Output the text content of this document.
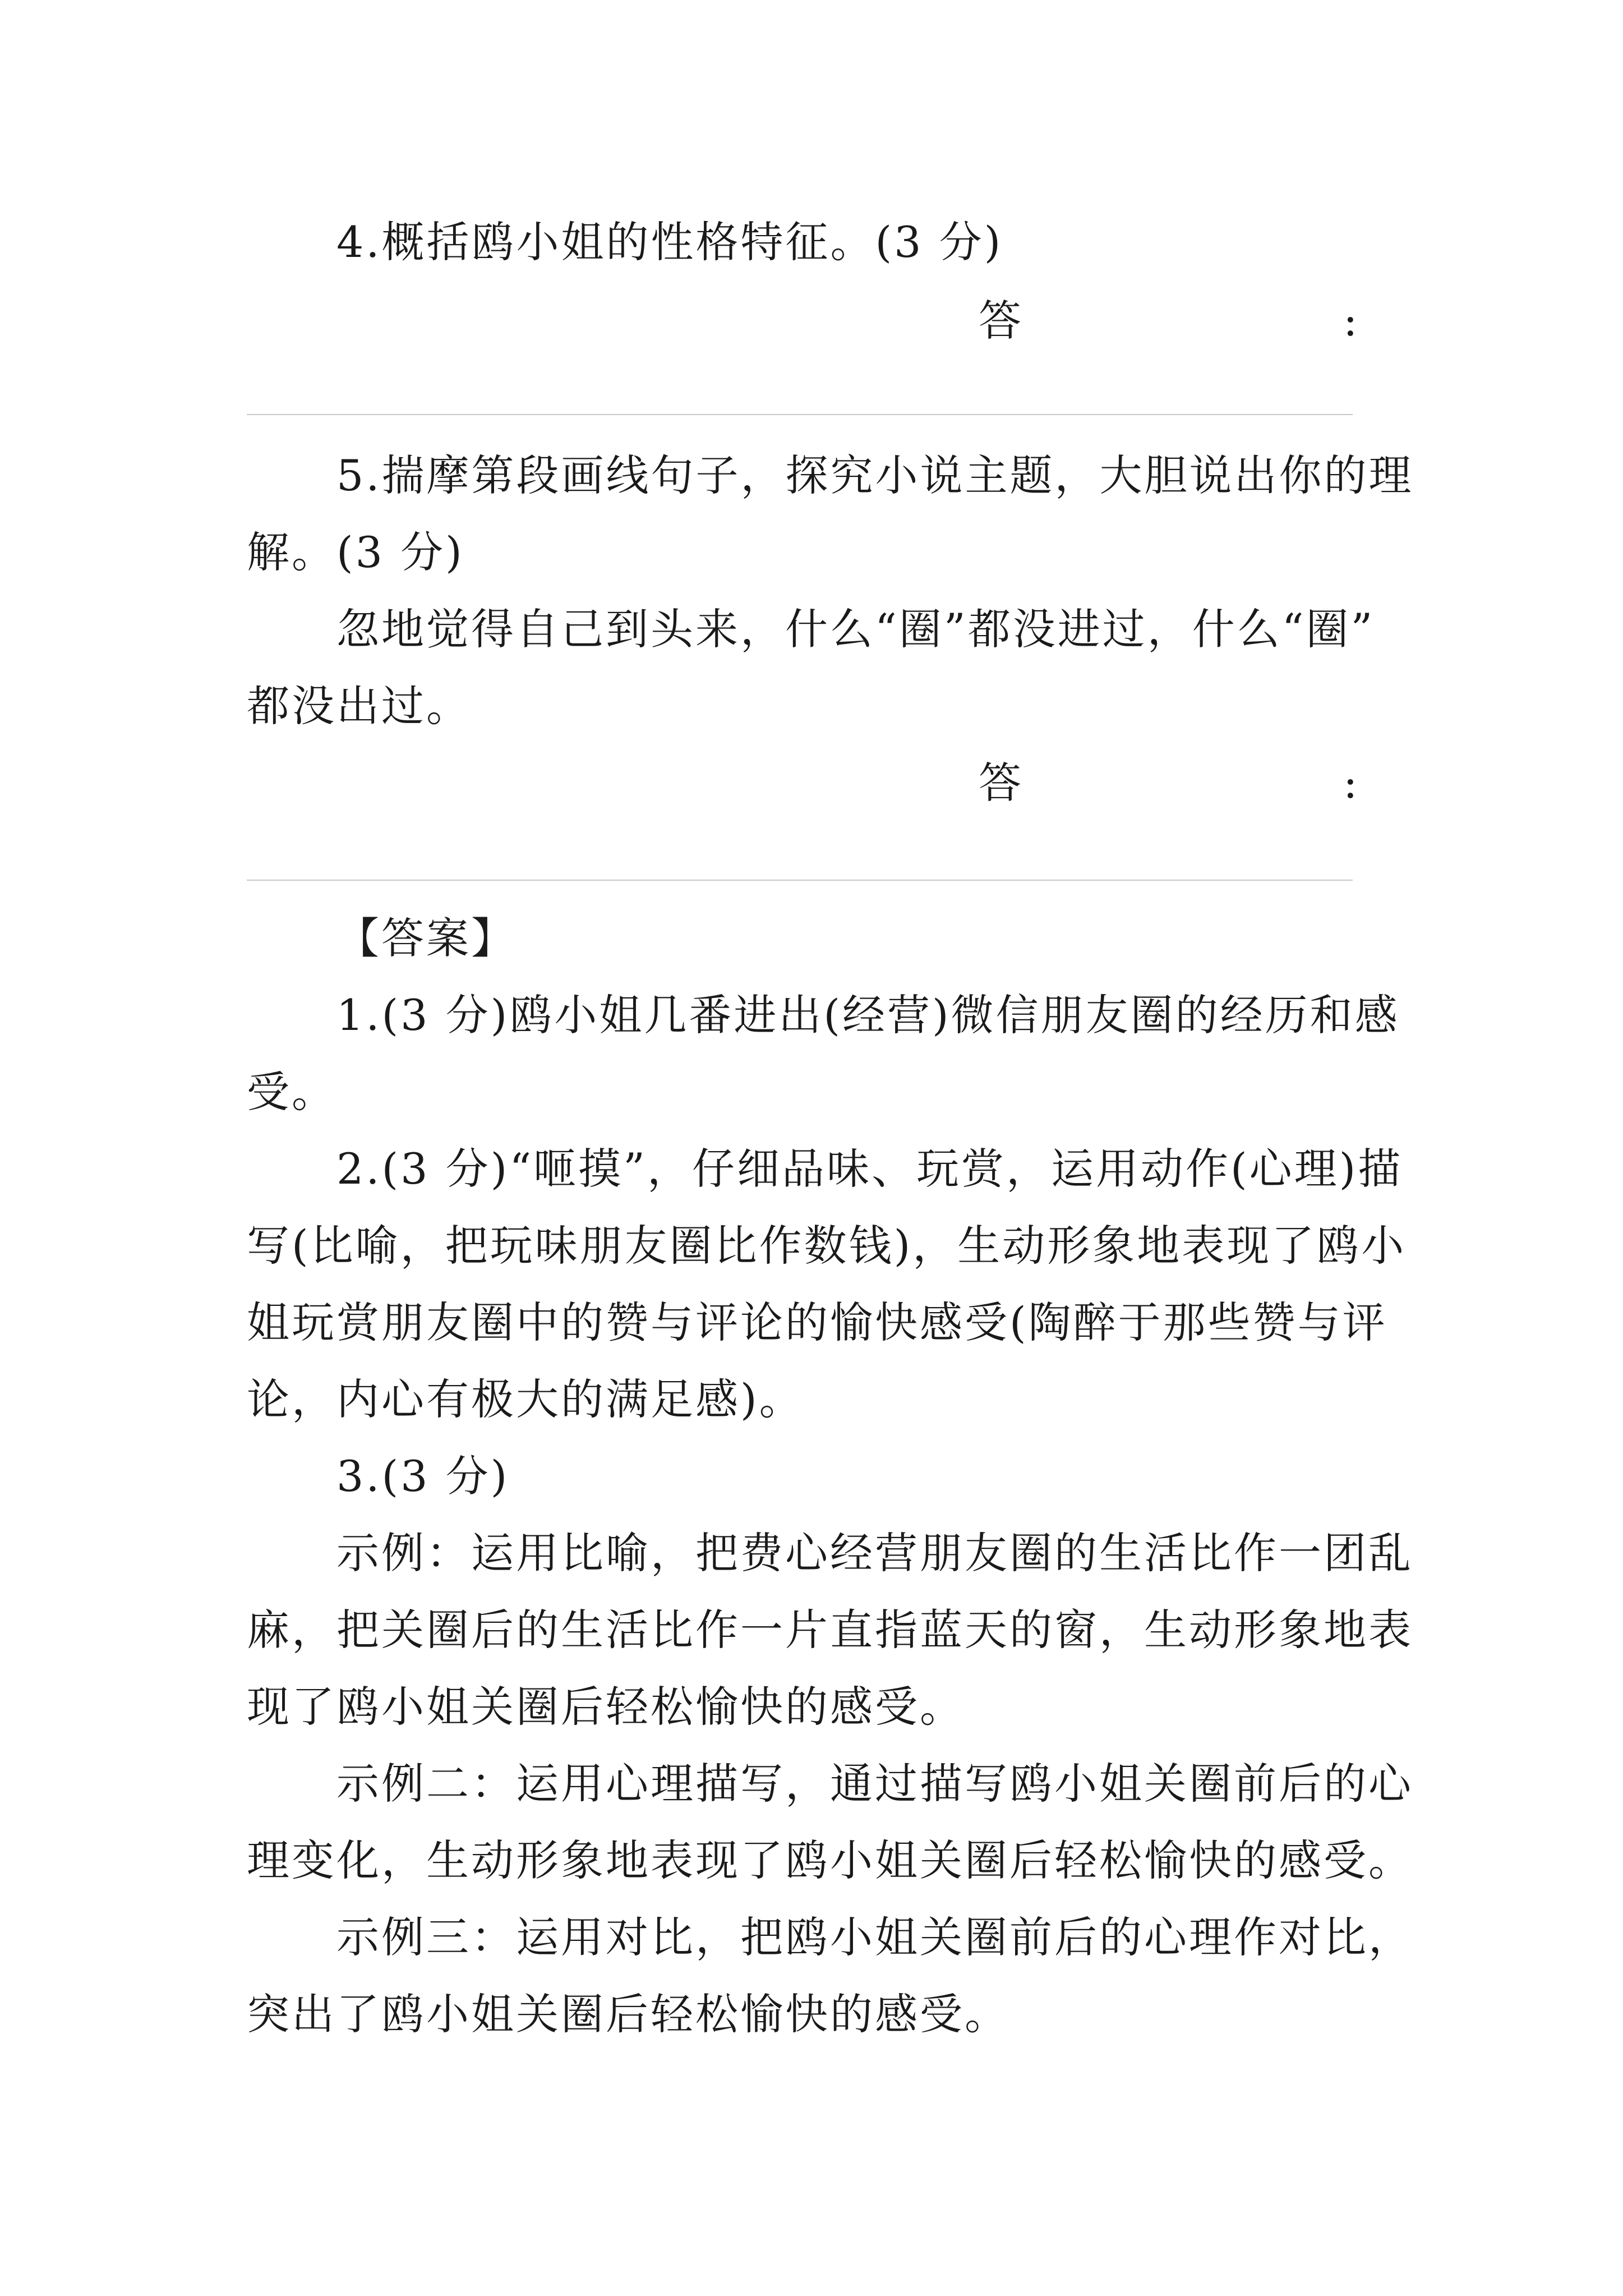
4.概括鸥小姐的性格特征。(3 分)
答	:
5.揣摩第段画线句子，探究小说主题，大胆说出你的理
解。(3 分)
忽地觉得自己到头来，什么“圈”都没进过，什么“圈”
都没出过。
答	:
【答案】
1.(3 分)鸥小姐几番进出(经营)微信朋友圈的经历和感
受。
2.(3 分)“咂摸”，仔细品味、玩赏，运用动作(心理)描
写(比喻，把玩味朋友圈比作数钱)，生动形象地表现了鸥小
姐玩赏朋友圈中的赞与评论的愉快感受(陶醉于那些赞与评
论，内心有极大的满足感)。
3.(3 分)
示例：运用比喻，把费心经营朋友圈的生活比作一团乱
麻，把关圈后的生活比作一片直指蓝天的窗，生动形象地表
现了鸥小姐关圈后轻松愉快的感受。
示例二：运用心理描写，通过描写鸥小姐关圈前后的心
理变化，生动形象地表现了鸥小姐关圈后轻松愉快的感受。
示例三：运用对比，把鸥小姐关圈前后的心理作对比，
突出了鸥小姐关圈后轻松愉快的感受。
